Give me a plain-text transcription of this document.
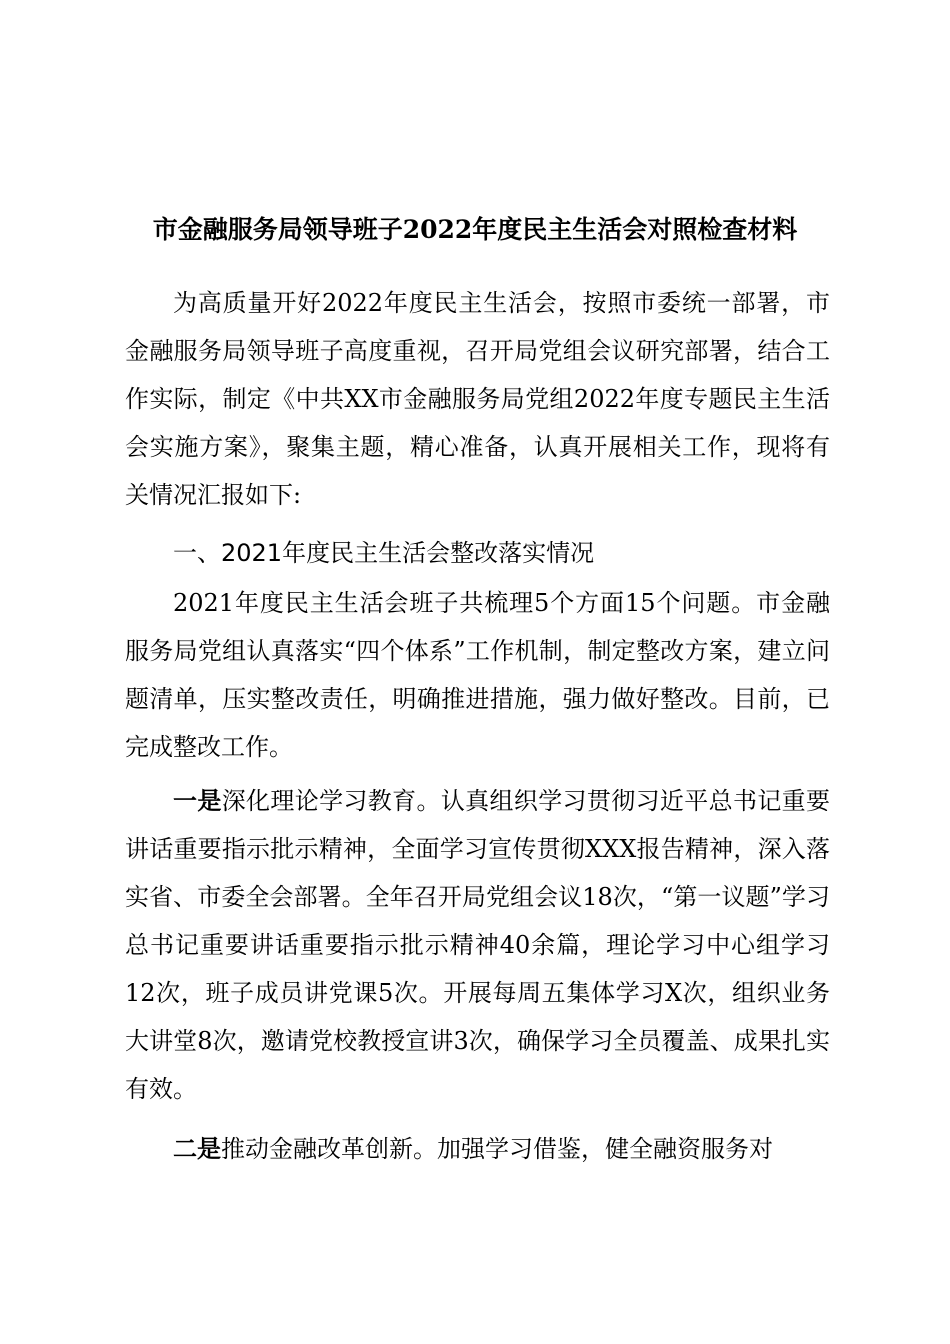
市金融服务局领导班子2022年度民主生活会对照检查材料

为高质量开好2022年度民主生活会，按照市委统一部署，市金融服务局领导班子高度重视，召开局党组会议研究部署，结合工作实际，制定《中共XX市金融服务局党组2022年度专题民主生活会实施方案》，聚集主题，精心准备，认真开展相关工作，现将有关情况汇报如下:

一、2021年度民主生活会整改落实情况

2021年度民主生活会班子共梳理5个方面15个问题。市金融服务局党组认真落实“四个体系”工作机制，制定整改方案，建立问题清单，压实整改责任，明确推进措施，强力做好整改。目前，已完成整改工作。

一是深化理论学习教育。认真组织学习贯彻习近平总书记重要讲话重要指示批示精神，全面学习宣传贯彻XXX报告精神，深入落实省、市委全会部署。全年召开局党组会议18次，“第一议题”学习总书记重要讲话重要指示批示精神40余篇，理论学习中心组学习12次，班子成员讲党课5次。开展每周五集体学习X次，组织业务大讲堂8次，邀请党校教授宣讲3次，确保学习全员覆盖、成果扎实有效。

二是推动金融改革创新。加强学习借鉴，健全融资服务对
